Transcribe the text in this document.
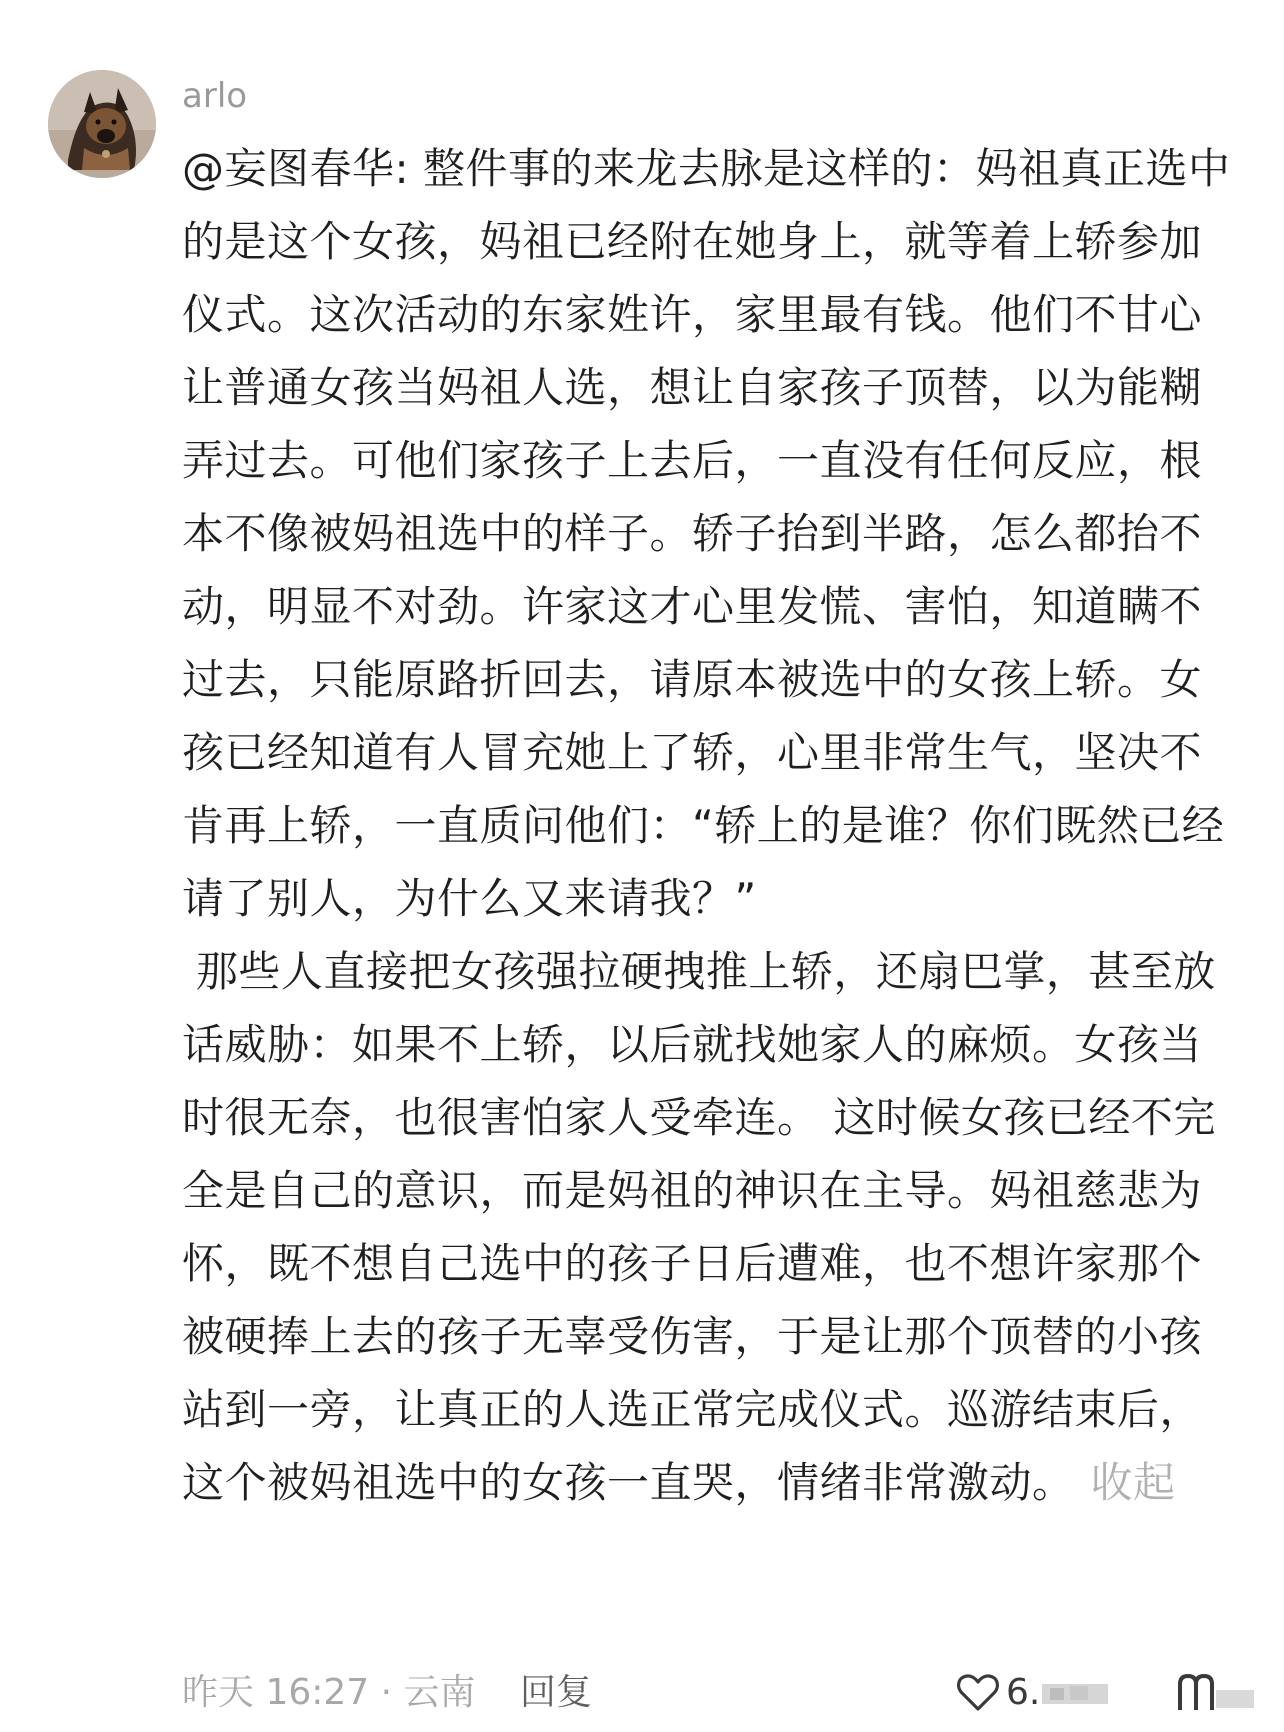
arlo
@妄图春华: 整件事的来龙去脉是这样的：妈祖真正选中的是这个女孩，妈祖已经附在她身上，就等着上轿参加仪式。这次活动的东家姓许，家里最有钱。他们不甘心让普通女孩当妈祖人选，想让自家孩子顶替，以为能糊弄过去。可他们家孩子上去后，一直没有任何反应，根本不像被妈祖选中的样子。轿子抬到半路，怎么都抬不动，明显不对劲。许家这才心里发慌、害怕，知道瞒不过去，只能原路折回去，请原本被选中的女孩上轿。女孩已经知道有人冒充她上了轿，心里非常生气，坚决不肯再上轿，一直质问他们：“轿上的是谁？你们既然已经请了别人，为什么又来请我？”
那些人直接把女孩强拉硬拽推上轿，还扇巴掌，甚至放话威胁：如果不上轿，以后就找她家人的麻烦。女孩当时很无奈，也很害怕家人受牵连。 这时候女孩已经不完全是自己的意识，而是妈祖的神识在主导。妈祖慈悲为怀，既不想自己选中的孩子日后遭难，也不想许家那个被硬捧上去的孩子无辜受伤害，于是让那个顶替的小孩站到一旁，让真正的人选正常完成仪式。巡游结束后，这个被妈祖选中的女孩一直哭，情绪非常激动。 收起
昨天 16:27 · 云南 回复	6.
